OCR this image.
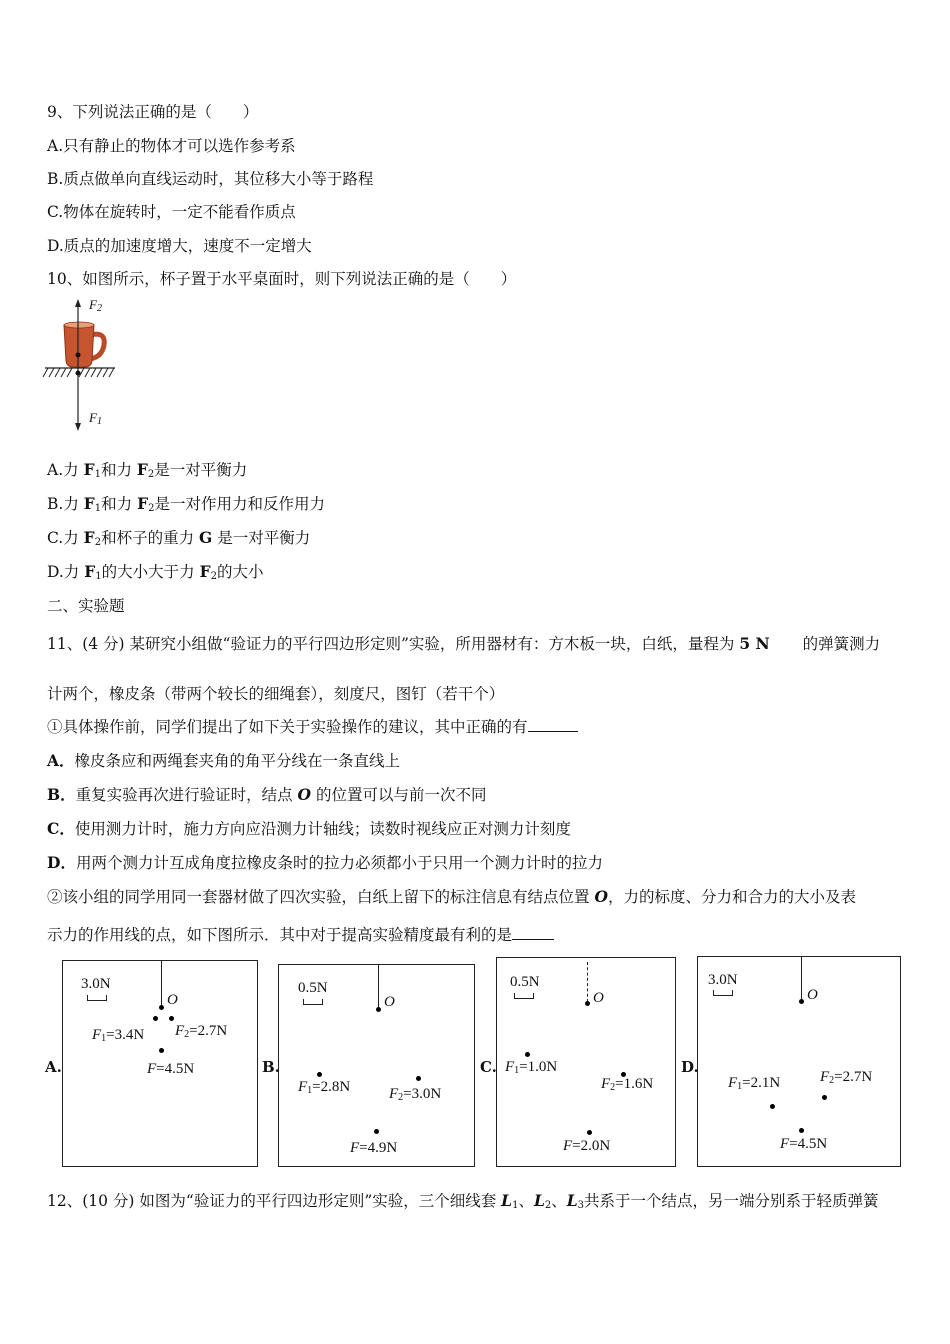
9、下列说法正确的是（　　）
A.只有静止的物体才可以选作参考系
B.质点做单向直线运动时，其位移大小等于路程
C.物体在旋转时，一定不能看作质点
D.质点的加速度增大，速度不一定增大
10、如图所示，杯子置于水平桌面时，则下列说法正确的是（　　）
$F_2$
$F_1$
A.力 $F_1$和力 $F_2$是一对平衡力
B.力 $F_1$和力 $F_2$是一对作用力和反作用力
C.力 $F_2$和杯子的重力 G 是一对平衡力
D.力 $F_1$的大小大于力 $F_2$的大小
二、实验题
11、(4 分) 某研究小组做“验证力的平行四边形定则”实验，所用器材有：方木板一块，白纸，量程为 5 N 的弹簧测力
计两个，橡皮条（带两个较长的细绳套），刻度尺，图钉（若干个）
①具体操作前，同学们提出了如下关于实验操作的建议，其中正确的有
A．橡皮条应和两绳套夹角的角平分线在一条直线上
B．重复实验再次进行验证时，结点 O 的位置可以与前一次不同
C．使用测力计时，施力方向应沿测力计轴线；读数时视线应正对测力计刻度
D．用两个测力计互成角度拉橡皮条时的拉力必须都小于只用一个测力计时的拉力
②该小组的同学用同一套器材做了四次实验，白纸上留下的标注信息有结点位置 O，力的标度、分力和合力的大小及表
示力的作用线的点，如下图所示．其中对于提高实验精度最有利的是
A.
3.0N
O
$F_1=3.4N$ $F_2=2.7N$
F=4.5N	B.
0.5N
O
$F_1=2.8N$	$F_2=3.0N$
F=4.9N
C.
0.5N
O
$F_1=1.0N$
$F_2=1.6N$
F=2.0N
D.
3.0N
O
$F_1=2.1N$	$F_2=2.7N$
F=4.5N
12、(10 分) 如图为“验证力的平行四边形定则”实验，三个细线套 $L_1$、$L_2$、$L_3$共系于一个结点，另一端分别系于轻质弹簧
